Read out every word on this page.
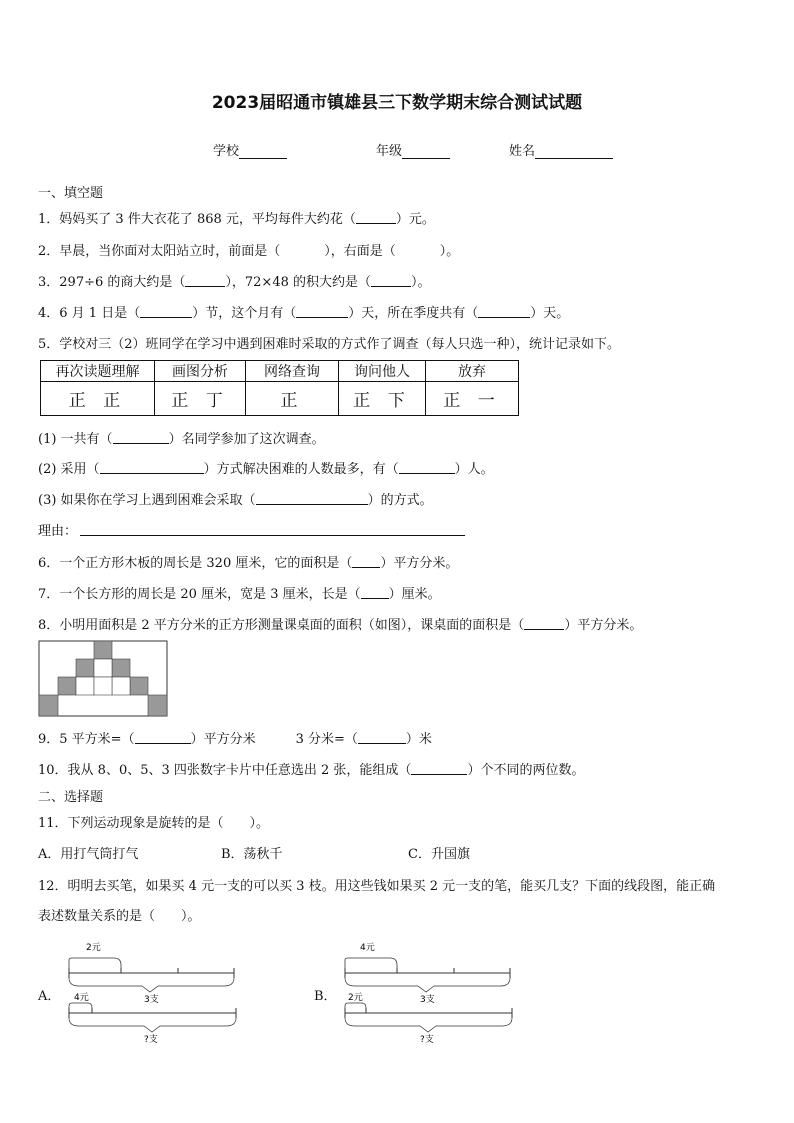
2023届昭通市镇雄县三下数学期末综合测试试题
学校	年级	姓名
一、填空题
1．妈妈买了 3 件大衣花了 868 元，平均每件大约花（	）元。
2．早晨，当你面对太阳站立时，前面是（	），右面是（	）。
3．297÷6 的商大约是（	），72×48 的积大约是（	）。
4．6 月 1 日是（	）节，这个月有（	）天，所在季度共有（	）天。
5．学校对三（2）班同学在学习中遇到困难时采取的方式作了调查（每人只选一种），统计记录如下。
再次读题理解	画图分析	网络查询	询问他人	放弃
正 正	正 丁	正	正 下	正 一
(1) 一共有（	）名同学参加了这次调查。
(2) 采用（	）方式解决困难的人数最多，有（	）人。
(3) 如果你在学习上遇到困难会采取（	）的方式。
理由：
6．一个正方形木板的周长是 320 厘米，它的面积是（ ）平方分米。
7．一个长方形的周长是 20 厘米，宽是 3 厘米，长是（ ）厘米。
8．小明用面积是 2 平方分米的正方形测量课桌面的面积（如图），课桌面的面积是（	）平方分米。
9．5 平方米=（	）平方分米	3 分米=（	）米
10．我从 8、0、5、3 四张数字卡片中任意选出 2 张，能组成（	）个不同的两位数。
二、选择题
11．下列运动现象是旋转的是（　　）。
A．用打气筒打气	B．荡秋千	C．升国旗
12．明明去买笔，如果买 4 元一支的可以买 3 枝。用这些钱如果买 2 元一支的笔，能买几支？下面的线段图，能正确
表述数量关系的是（　　）。
A．
2元
3支
4元
?支
B．
4元
3支
2元
?支
